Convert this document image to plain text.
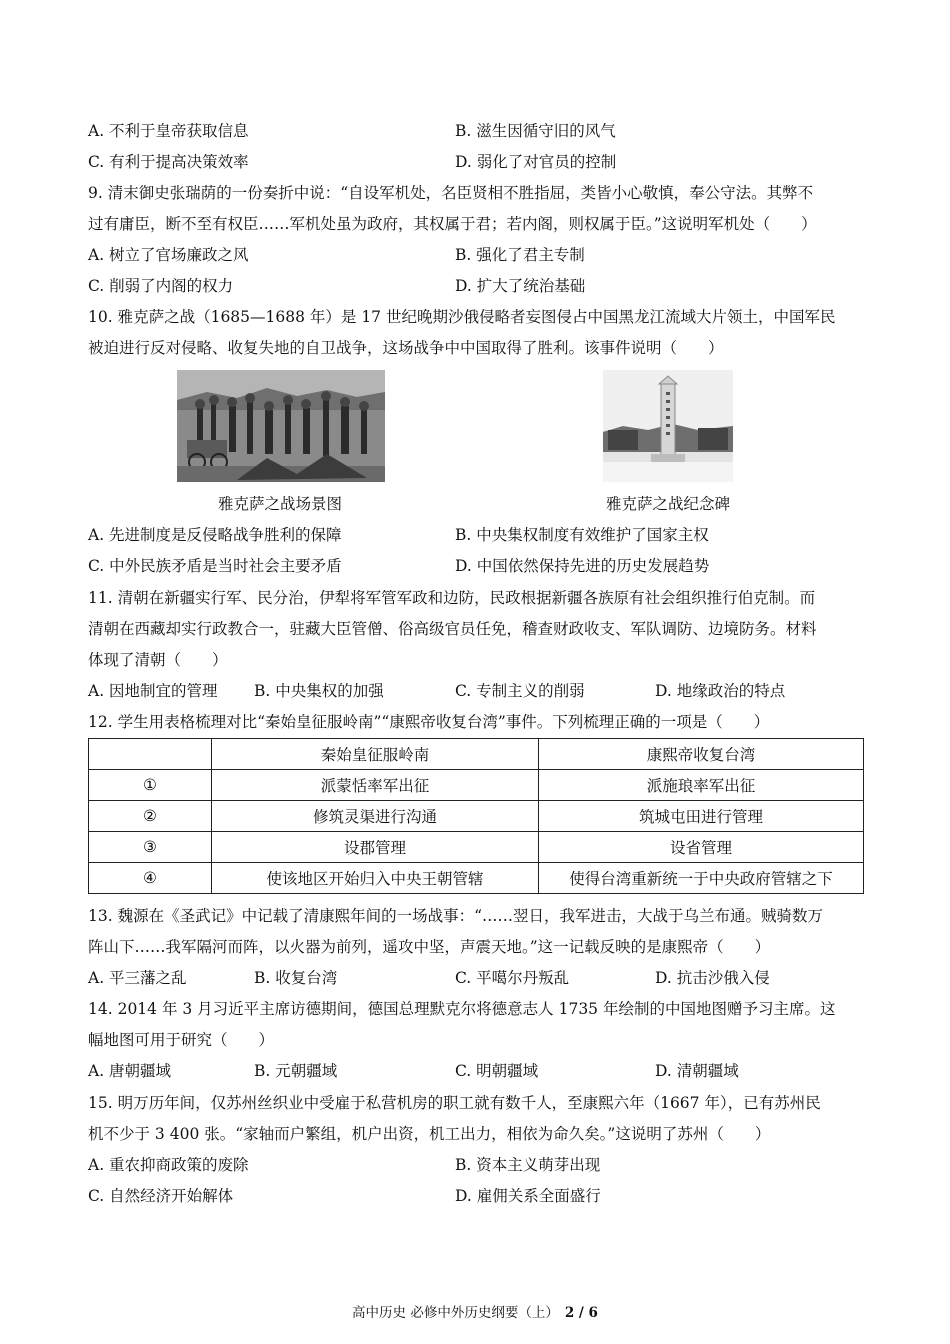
A. 不利于皇帝获取信息	B. 滋生因循守旧的风气
C. 有利于提高决策效率	D. 弱化了对官员的控制
9. 清末御史张瑞荫的一份奏折中说：“自设军机处，名臣贤相不胜指屈，类皆小心敬慎，奉公守法。其弊不
过有庸臣，断不至有权臣……军机处虽为政府，其权属于君；若内阁，则权属于臣。”这说明军机处（　　）
A. 树立了官场廉政之风	B. 强化了君主专制
C. 削弱了内阁的权力	D. 扩大了统治基础
10. 雅克萨之战（1685—1688 年）是 17 世纪晚期沙俄侵略者妄图侵占中国黑龙江流域大片领土，中国军民
被迫进行反对侵略、收复失地的自卫战争，这场战争中中国取得了胜利。该事件说明（　　）
雅克萨之战场景图	雅克萨之战纪念碑
A. 先进制度是反侵略战争胜利的保障	B. 中央集权制度有效维护了国家主权
C. 中外民族矛盾是当时社会主要矛盾	D. 中国依然保持先进的历史发展趋势
11. 清朝在新疆实行军、民分治，伊犁将军管军政和边防，民政根据新疆各族原有社会组织推行伯克制。而
清朝在西藏却实行政教合一，驻藏大臣管僧、俗高级官员任免，稽查财政收支、军队调防、边境防务。材料
体现了清朝（　　）
A. 因地制宜的管理 B. 中央集权的加强	C. 专制主义的削弱	D. 地缘政治的特点
12. 学生用表格梳理对比“秦始皇征服岭南”“康熙帝收复台湾”事件。下列梳理正确的一项是（　　）
	秦始皇征服岭南	康熙帝收复台湾
①	派蒙恬率军出征	派施琅率军出征
②	修筑灵渠进行沟通	筑城屯田进行管理
③	设郡管理	设省管理
④	使该地区开始归入中央王朝管辖	使得台湾重新统一于中央政府管辖之下
13. 魏源在《圣武记》中记载了清康熙年间的一场战事：“……翌日，我军进击，大战于乌兰布通。贼骑数万
阵山下……我军隔河而阵，以火器为前列，遥攻中坚，声震天地。”这一记载反映的是康熙帝（　　）
A. 平三藩之乱	B. 收复台湾	C. 平噶尔丹叛乱	D. 抗击沙俄入侵
14. 2014 年 3 月习近平主席访德期间，德国总理默克尔将德意志人 1735 年绘制的中国地图赠予习主席。这
幅地图可用于研究（　　）
A. 唐朝疆域	B. 元朝疆域	C. 明朝疆域	D. 清朝疆域
15. 明万历年间，仅苏州丝织业中受雇于私营机房的职工就有数千人，至康熙六年（1667 年），已有苏州民
机不少于 3 400 张。“家轴而户繁组，机户出资，机工出力，相依为命久矣。”这说明了苏州（　　）
A. 重农抑商政策的废除	B. 资本主义萌芽出现
C. 自然经济开始解体	D. 雇佣关系全面盛行
高中历史 必修中外历史纲要（上） 2 / 6
